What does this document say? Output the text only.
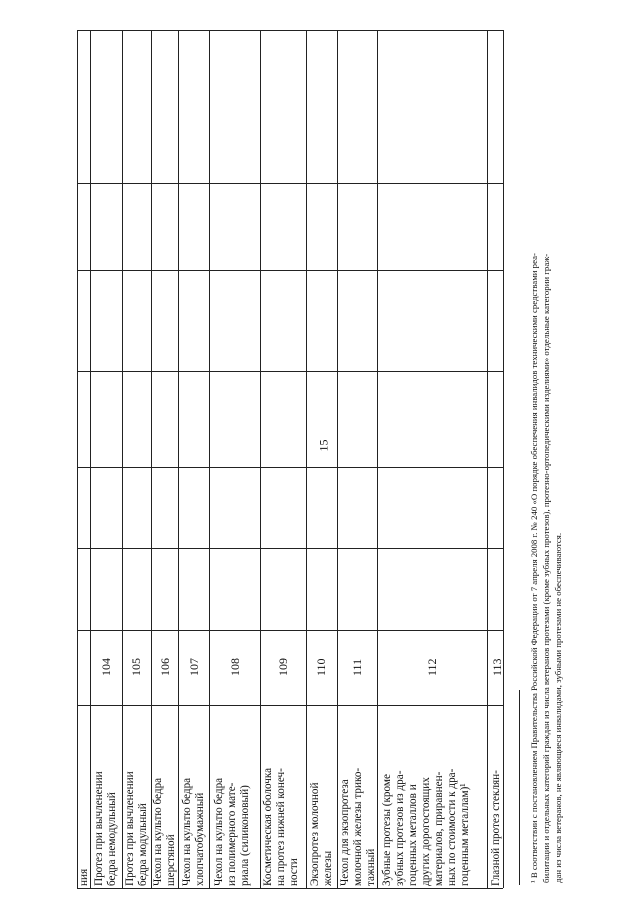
15
ния Протез при вычленении бедра немодульный
104
Протез при вычленении бедра модульный
105
Чехол на культю бедра шерстяной
106
Чехол на культю бедра хлопчатобумажный
107
Чехол на культю бедра из полимерного мате- риала (силиконовый)
108
Косметическая оболочка на протез нижней конеч- ности
109
Экзопротез молочной железы
110
Чехол для экзопротеза молочной железы трико- тажный
111
Зубные протезы (кроме зубных протезов из дра- гоценных металлов и других дорогостоящих материалов, приравнен- ных по стоимости к дра- гоценным металлам)¹
112
Глазной протез стеклян-
113	¹ В соответствии с постановлением Правительства Российской Федерации от 7 апреля 2008 г. № 240 «О порядке обеспечения инвалидов техническими средствами реа- билитации и отдельных категорий граждан из числа ветеранов протезами (кроме зубных протезов), протезно-ортопедическими изделиями» отдельные категории граж- дан из числа ветеранов, не являющиеся инвалидами, зубными протезами не обеспечиваются.
